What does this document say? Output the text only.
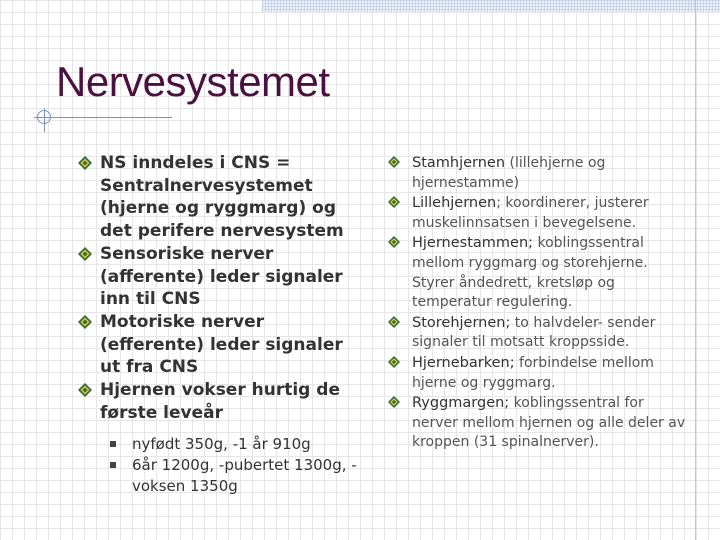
Nervesystemet
NS inndeles i CNS = Sentralnervesystemet (hjerne og ryggmarg) og det perifere nervesystem
Sensoriske nerver (afferente) leder signaler inn til CNS
Motoriske nerver (efferente) leder signaler ut fra CNS
Hjernen vokser hurtig de første leveår
nyfødt 350g, -1 år 910g
6år 1200g, -pubertet 1300g, -voksen 1350g
Stamhjernen (lillehjerne og hjernestamme)
Lillehjernen; koordinerer, justerer muskelinnsatsen i bevegelsene.
Hjernestammen; koblingssentral mellom ryggmarg og storehjerne. Styrer åndedrett, kretsløp og temperatur regulering.
Storehjernen; to halvdeler- sender signaler til motsatt kroppsside.
Hjernebarken; forbindelse mellom hjerne og ryggmarg.
Ryggmargen; koblingssentral for nerver mellom hjernen og alle deler av kroppen (31 spinalnerver).
